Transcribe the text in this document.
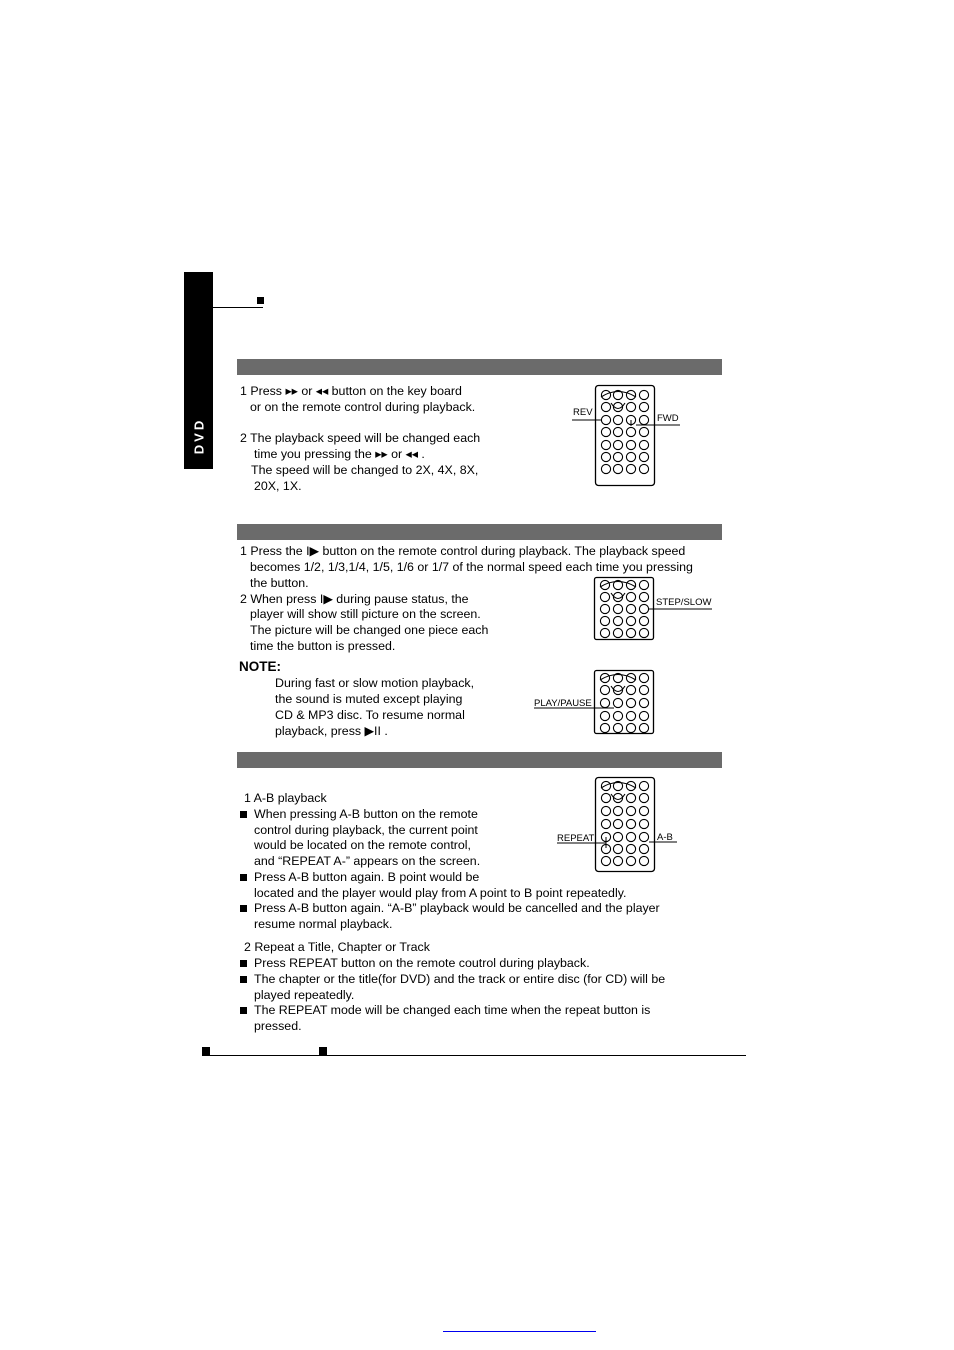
DVD
1 Press ▸▸ or ◂◂ button on the key board
or on the remote control during playback.
2 The playback speed will be changed each
time you pressing the ▸▸ or ◂◂ .
The speed will be changed to 2X, 4X, 8X,
20X, 1X.
REV
FWD
1 Press the I▶ button on the remote control during playback. The playback speed
becomes 1/2, 1/3,1/4, 1/5, 1/6 or 1/7 of the normal speed each time you pressing
the button.
2 When press I▶ during pause status, the
player will show still picture on the screen.
The picture will be changed one piece each
time the button is pressed.
STEP/SLOW
NOTE:
During fast or slow motion playback,
the sound is muted except playing
CD & MP3 disc. To resume normal
playback, press ▶II .
PLAY/PAUSE
1 A-B playback
When pressing A-B button on the remote
control during playback, the current point
would be located on the remote control,
and “REPEAT A-” appears on the screen.
Press A-B button again. B point would be
located and the player would play from A point to B point repeatedly.
Press A-B button again. “A-B” playback would be cancelled and the player
resume normal playback.
REPEAT	A-B
2 Repeat a Title, Chapter or Track
Press REPEAT button on the remote coutrol during playback.
The chapter or the title(for DVD) and the track or entire disc (for CD) will be
played repeatedly.
The REPEAT mode will be changed each time when the repeat button is
pressed.
